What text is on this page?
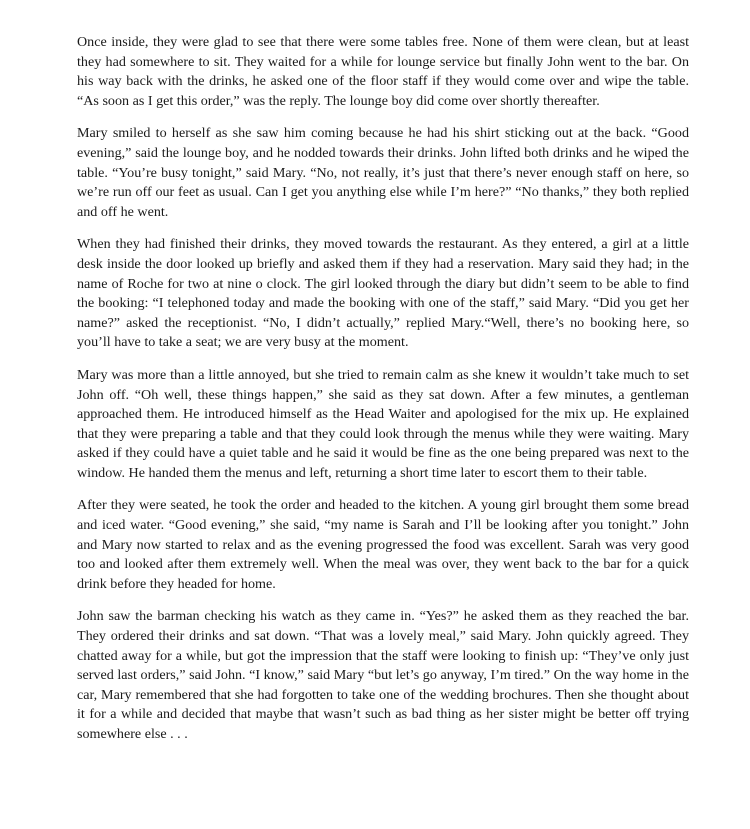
Once inside, they were glad to see that there were some tables free. None of them were clean, but at least they had somewhere to sit. They waited for a while for lounge service but finally John went to the bar. On his way back with the drinks, he asked one of the floor staff if they would come over and wipe the table. “As soon as I get this order,” was the reply. The lounge boy did come over shortly thereafter.

Mary smiled to herself as she saw him coming because he had his shirt sticking out at the back. “Good evening,” said the lounge boy, and he nodded towards their drinks. John lifted both drinks and he wiped the table. “You’re busy tonight,” said Mary. “No, not really, it’s just that there’s never enough staff on here, so we’re run off our feet as usual. Can I get you anything else while I’m here?” “No thanks,” they both replied and off he went.

When they had finished their drinks, they moved towards the restaurant. As they entered, a girl at a little desk inside the door looked up briefly and asked them if they had a reservation. Mary said they had; in the name of Roche for two at nine o clock. The girl looked through the diary but didn’t seem to be able to find the booking: “I telephoned today and made the booking with one of the staff,” said Mary. “Did you get her name?” asked the receptionist. “No, I didn’t actually,” replied Mary.“Well, there’s no booking here, so you’ll have to take a seat; we are very busy at the moment.

Mary was more than a little annoyed, but she tried to remain calm as she knew it wouldn’t take much to set John off. “Oh well, these things happen,” she said as they sat down. After a few minutes, a gentleman approached them. He introduced himself as the Head Waiter and apologised for the mix up. He explained that they were preparing a table and that they could look through the menus while they were waiting. Mary asked if they could have a quiet table and he said it would be fine as the one being prepared was next to the window. He handed them the menus and left, returning a short time later to escort them to their table.

After they were seated, he took the order and headed to the kitchen. A young girl brought them some bread and iced water. “Good evening,” she said, “my name is Sarah and I’ll be looking after you tonight.” John and Mary now started to relax and as the evening progressed the food was excellent. Sarah was very good too and looked after them extremely well. When the meal was over, they went back to the bar for a quick drink before they headed for home.

John saw the barman checking his watch as they came in. “Yes?” he asked them as they reached the bar. They ordered their drinks and sat down. “That was a lovely meal,” said Mary. John quickly agreed. They chatted away for a while, but got the impression that the staff were looking to finish up: “They’ve only just served last orders,” said John. “I know,” said Mary “but let’s go anyway, I’m tired.” On the way home in the car, Mary remembered that she had forgotten to take one of the wedding brochures. Then she thought about it for a while and decided that maybe that wasn’t such as bad thing as her sister might be better off trying somewhere else . . .
